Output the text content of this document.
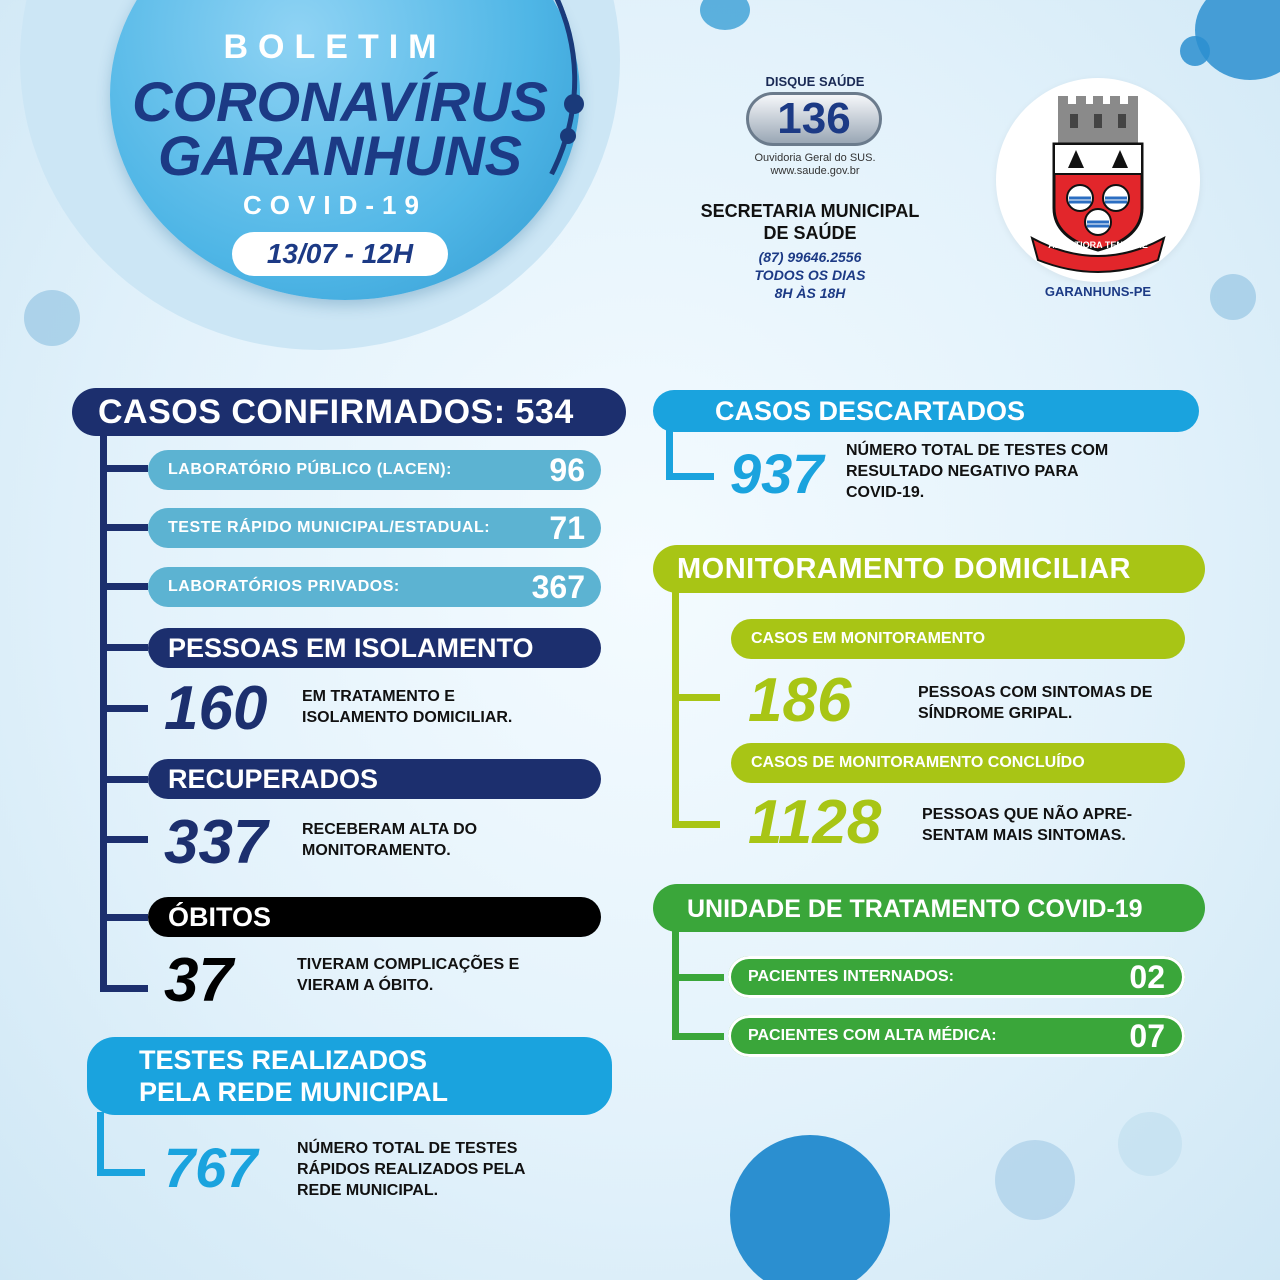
BOLETIM
CORONAVÍRUS
GARANHUNS
COVID-19
13/07 - 12H
DISQUE SAÚDE
136
Ouvidoria Geral do SUS.
www.saude.gov.br
SECRETARIA MUNICIPAL
DE SAÚDE
(87) 99646.2556
TODOS OS DIAS
8H ÀS 18H
AD ALTIORA TENDERE
GARANHUNS-PE
CASOS CONFIRMADOS: 534
LABORATÓRIO PÚBLICO (LACEN):	96
TESTE RÁPIDO MUNICIPAL/ESTADUAL: 71
LABORATÓRIOS PRIVADOS:	367
PESSOAS EM ISOLAMENTO
160 EM TRATAMENTO E
ISOLAMENTO DOMICILIAR.
RECUPERADOS
337 RECEBERAM ALTA DO
MONITORAMENTO.
ÓBITOS
37	TIVERAM COMPLICAÇÕES E
VIERAM A ÓBITO.
TESTES REALIZADOS
PELA REDE MUNICIPAL
767 NÚMERO TOTAL DE TESTES
RÁPIDOS REALIZADOS PELA
REDE MUNICIPAL.
CASOS DESCARTADOS
937 NÚMERO TOTAL DE TESTES COM
RESULTADO NEGATIVO PARA
COVID-19.
MONITORAMENTO DOMICILIAR
CASOS EM MONITORAMENTO
186	PESSOAS COM SINTOMAS DE
SÍNDROME GRIPAL.
CASOS DE MONITORAMENTO CONCLUÍDO
1128	PESSOAS QUE NÃO APRE-
SENTAM MAIS SINTOMAS.
UNIDADE DE TRATAMENTO COVID-19
PACIENTES INTERNADOS:	02
PACIENTES COM ALTA MÉDICA:	07
